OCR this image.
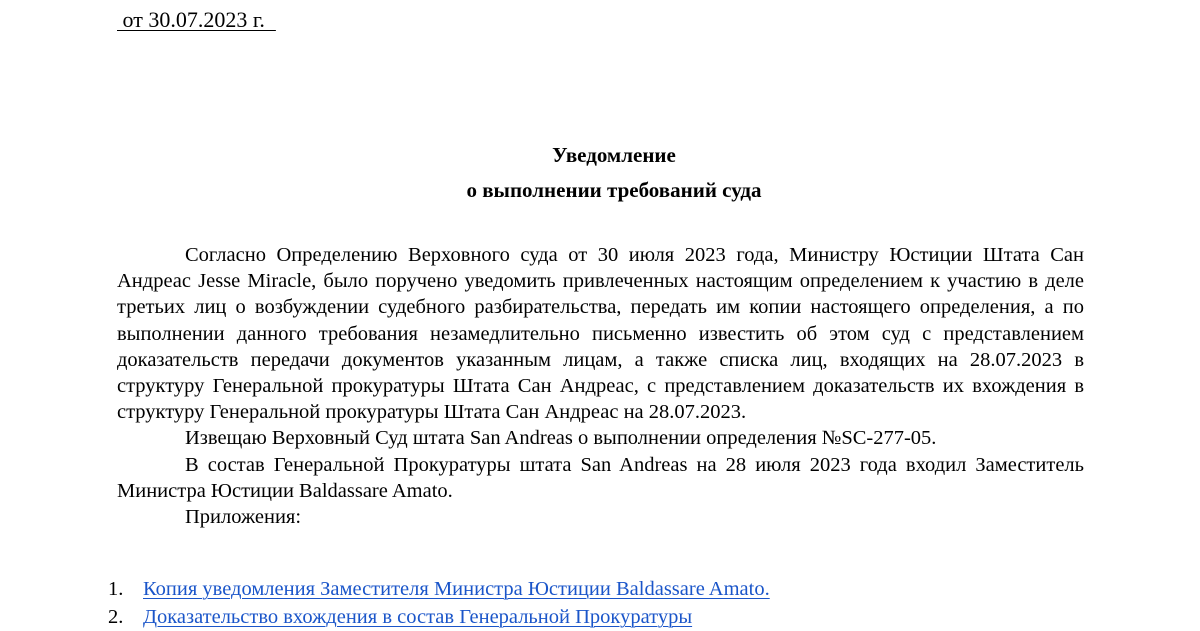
от 30.07.2023 г.
Уведомление
о выполнении требований суда

Согласно Определению Верховного суда от 30 июля 2023 года, Министру Юстиции Штата Сан Андреас Jesse Miracle, было поручено уведомить привлеченных настоящим определением к участию в деле третьих лиц о возбуждении судебного разбирательства, передать им копии настоящего определения, а по выполнении данного требования незамедлительно письменно известить об этом суд с представлением доказательств передачи документов указанным лицам, а также списка лиц, входящих на 28.07.2023 в структуру Генеральной прокуратуры Штата Сан Андреас, с представлением доказательств их вхождения в структуру Генеральной прокуратуры Штата Сан Андреас на 28.07.2023.

Извещаю Верховный Суд штата San Andreas о выполнении определения №SC-277-05.

В состав Генеральной Прокуратуры штата San Andreas на 28 июля 2023 года входил Заместитель Министра Юстиции Baldassare Amato.

Приложения:

1. Копия уведомления Заместителя Министра Юстиции Baldassare Amato.
2. Доказательство вхождения в состав Генеральной Прокуратуры
